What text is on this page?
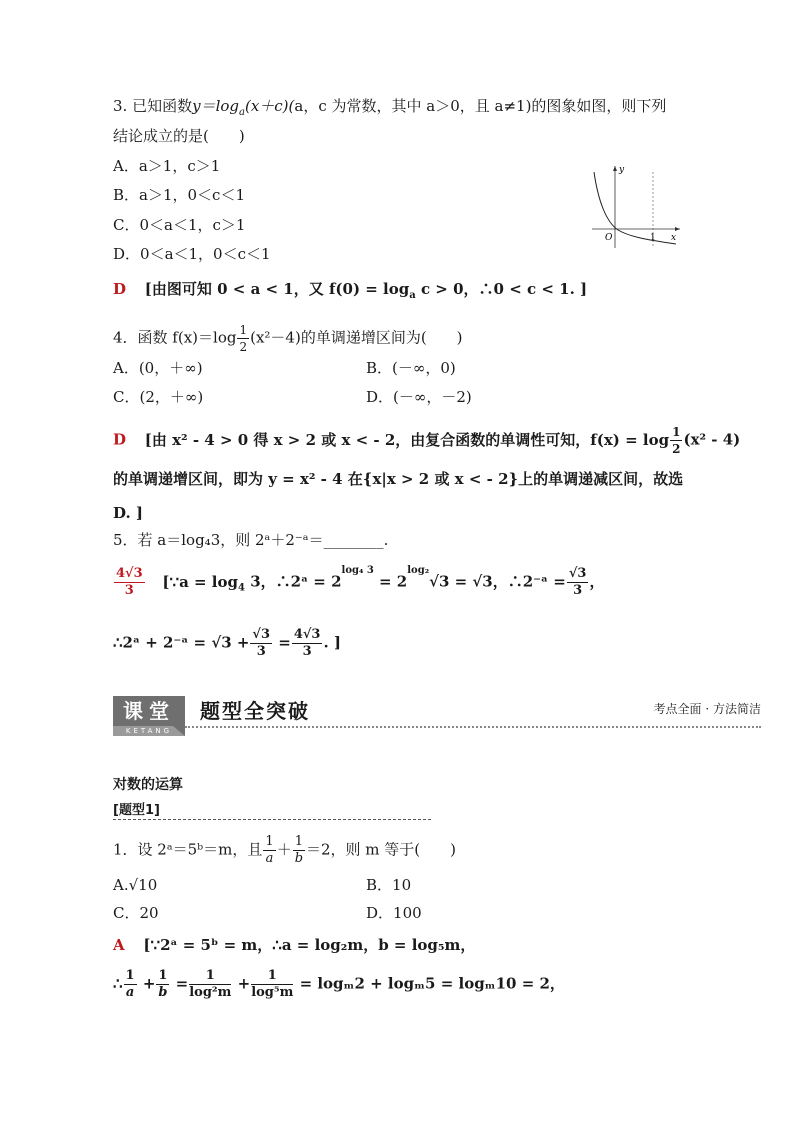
3. 已知函数$y=\log_a(x+c)(a$，c 为常数，其中 a＞0，且 a≠1)的图象如图，则下列
结论成立的是(　　)
A．a＞1，c＞1
B．a＞1，0＜c＜1
C．0＜a＜1，c＞1
D．0＜a＜1，0＜c＜1
y
x
O	1
D [由图可知 0 < a < 1，又 $f(0) = \log_a c > 0$，∴0 < c < 1. ]
4．函数 $f(x)=\log \frac{1}{2} (x^2-4)$的单调递增区间为(　　)
A．(0，＋∞)	B．(－∞，0)
C．(2，＋∞)	D．(－∞，－2)
D [由 x² - 4 > 0 得 x > 2 或 x < - 2，由复合函数的单调性可知，$f(x) = \log \frac{1}{2} (x^2 - 4)$
的单调递增区间，即为 y = x² - 4 在{x|x > 2 或 x < - 2}上的单调递减区间，故选
D. ]
5．若 a＝log₄3，则 2ᵃ＋2⁻ᵃ＝________.
$\frac{4√3}{3}$ [∵a = $\log_4 3$，∴2ᵃ = $2^{log_4 3} = 2^{log_2}√3 = √3$，∴2⁻ᵃ = $\frac{√3}{3}$ ，
∴2ᵃ + 2⁻ᵃ = $√3 + \frac{√3}{3} = \frac{4√3}{3}$ . ]
课堂
KETANG
题型全突破	考点全面 · 方法简洁
对数的运算
[题型1]
1．设 2ᵃ＝5ᵇ＝m，且 $\frac{1}{a} + \frac{1}{b} =2$，则 m 等于(　　)
A.√10	B．10
C．20	D．100
A [∵2ᵃ = 5ᵇ = m，∴a = log₂m，b = log₅m，
∴ $\frac{1}{a} + \frac{1}{b} = \frac{1}{\text{log²m}} + \frac{1}{\text{log⁵m}} = \log_m2 + \log_m5 = \log_m10 = 2$，
